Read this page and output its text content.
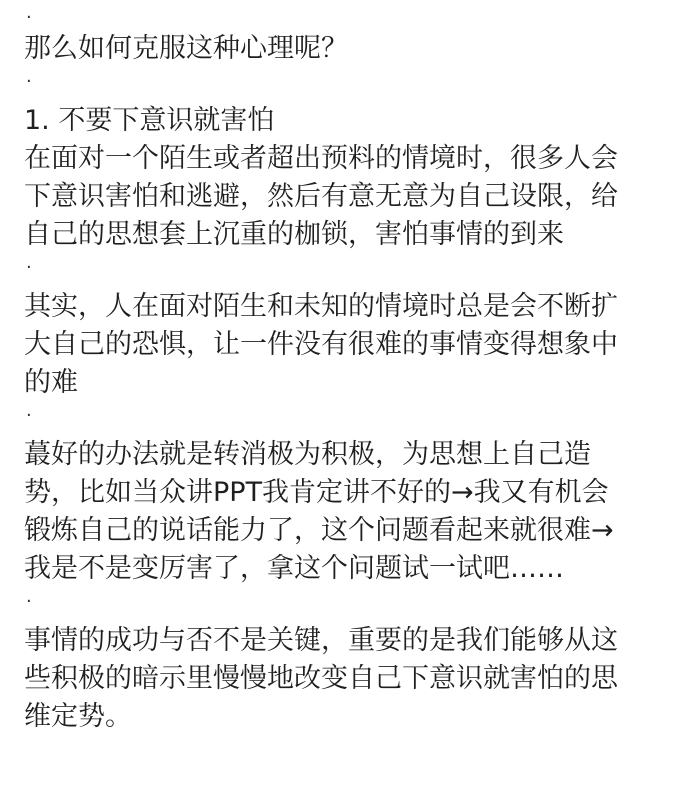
·
那么如何克服这种心理呢？
·
1. 不要下意识就害怕
在面对一个陌生或者超出预料的情境时，很多人会
下意识害怕和逃避，然后有意无意为自己设限，给
自己的思想套上沉重的枷锁，害怕事情的到来
·
其实，人在面对陌生和未知的情境时总是会不断扩
大自己的恐惧，让一件没有很难的事情变得想象中
的难
·
蕞好的办法就是转消极为积极，为思想上自己造
势，比如当众讲PPT我肯定讲不好的→我又有机会
锻炼自己的说话能力了，这个问题看起来就很难→
我是不是变厉害了，拿这个问题试一试吧……
·
事情的成功与否不是关键，重要的是我们能够从这
些积极的暗示里慢慢地改变自己下意识就害怕的思
维定势。
